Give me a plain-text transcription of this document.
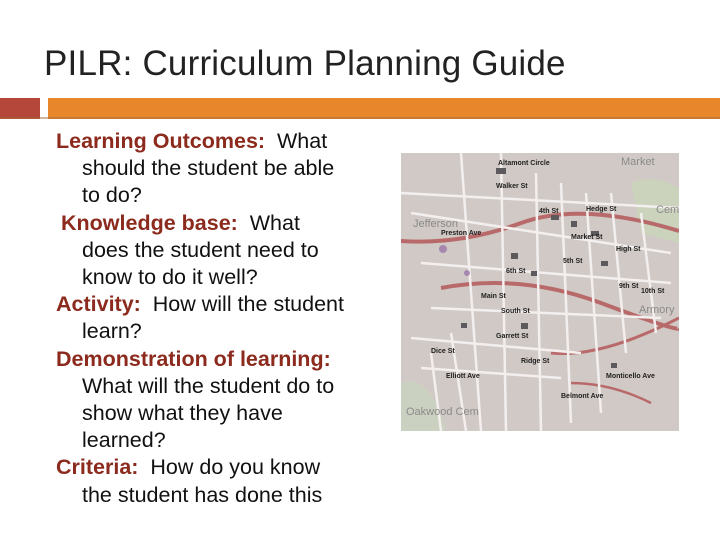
PILR: Curriculum Planning Guide
Learning Outcomes:  What
should the student be able
to do?
Knowledge base:  What
does the student need to
know to do it well?
Activity:  How will the student
learn?
Demonstration of learning:
What will the student do to
show what they have
learned?
Criteria:  How do you know
the student has done this
Altamont Circle
Walker St
Hedge St
Preston Ave
Jefferson
Market St
High St
Main St
South St
Garrett St
Dice St
Elliott Ave
Ridge St
4th St
5th St
6th St
9th St
10th St
Belmont Ave
Monticello Ave
Oakwood Cem
Armory
Market
Cem
